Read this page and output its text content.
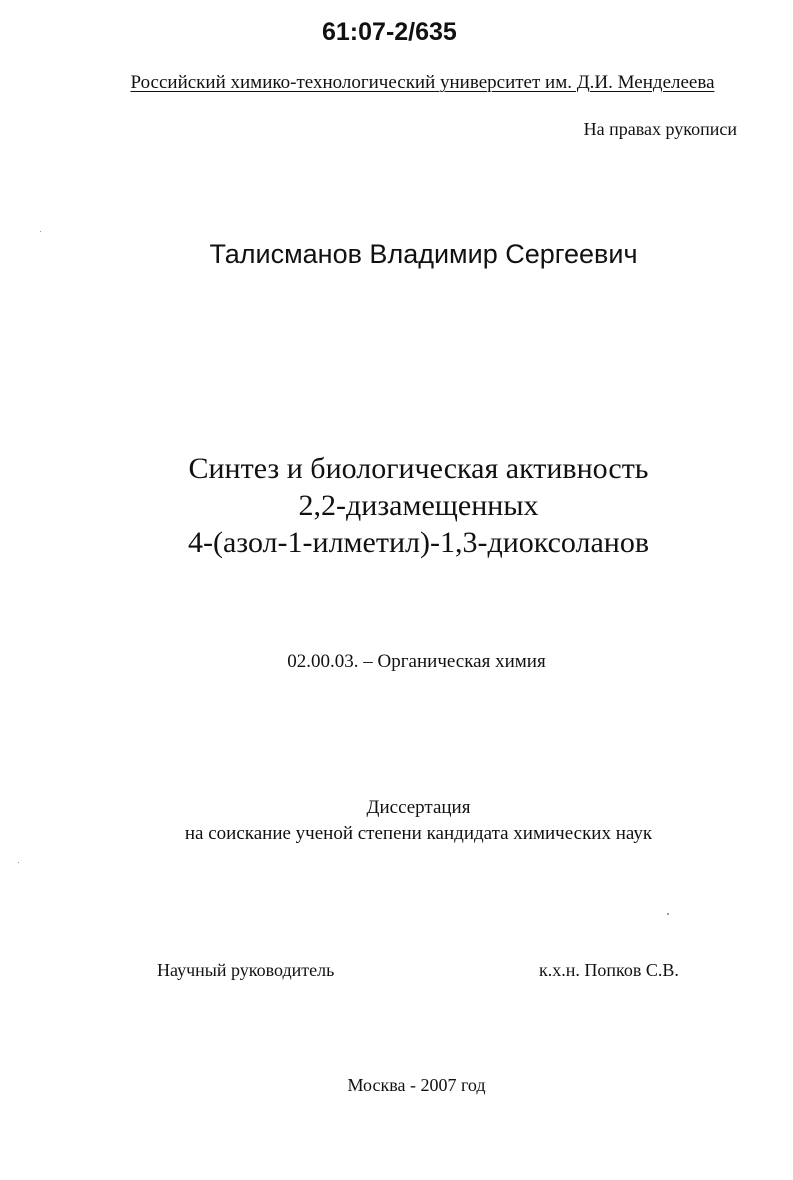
61:07-2/635
Российский химико-технологический университет им. Д.И. Менделеева
На правах рукописи
Талисманов Владимир Сергеевич
Синтез и биологическая активность
2,2-дизамещенных
4-(азол-1-илметил)-1,3-диоксоланов
02.00.03. – Органическая химия
Диссертация
на соискание ученой степени кандидата химических наук
Научный руководитель	к.х.н. Попков С.В.
Москва - 2007 год
